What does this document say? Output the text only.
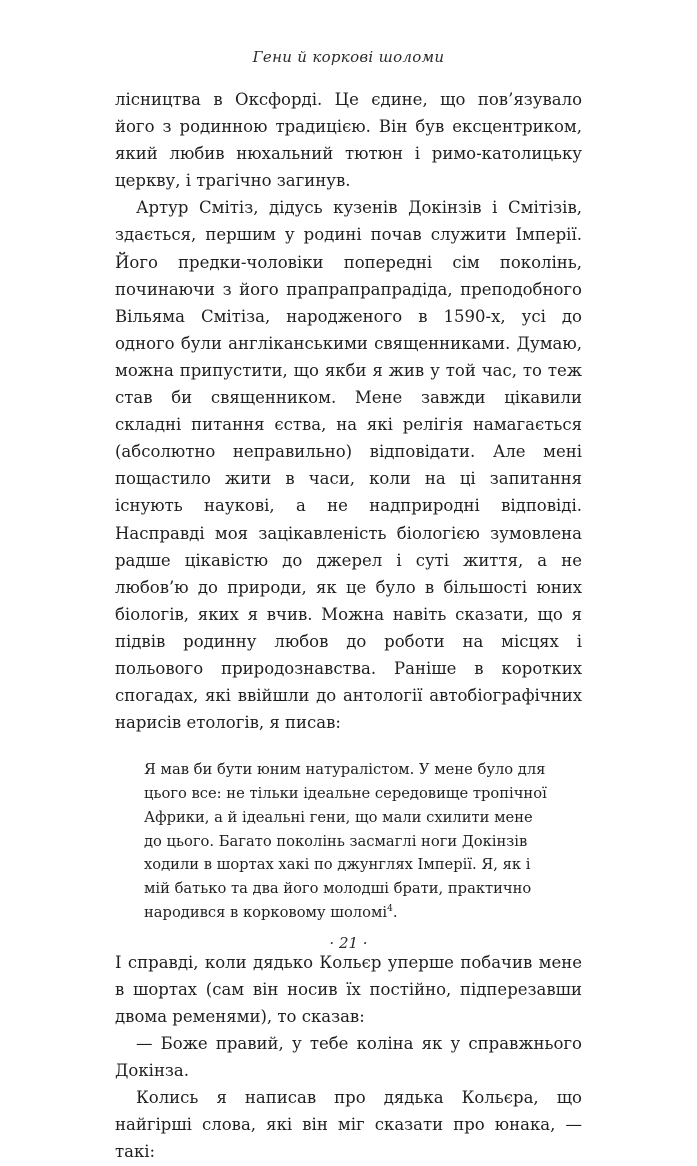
Гени й коркові шоломи

лісництва в Оксфорді. Це єдине, що пов’язувало його з родинною традицією. Він був ексцентриком, який любив нюхальний тютюн і римо-католицьку церкву, і трагічно загинув.

Артур Смітіз, дідусь кузенів Докінзів і Смітізів, здається, першим у родині почав служити Імперії. Його предки-чоловіки попередні сім поколінь, починаючи з його прапрапрапрадіда, преподобного Вільяма Смітіза, народженого в 1590-х, усі до одного були англіканськими священниками. Думаю, можна припустити, що якби я жив у той час, то теж став би священником. Мене завжди цікавили складні питання єства, на які релігія намагається (абсолютно неправильно) відповідати. Але мені пощастило жити в часи, коли на ці запитання існують наукові, а не надприродні відповіді. Насправді моя зацікавленість біологією зумовлена радше цікавістю до джерел і суті життя, а не любов’ю до природи, як це було в більшості юних біологів, яких я вчив. Можна навіть сказати, що я підвів родинну любов до роботи на місцях і польового природознавства. Раніше в коротких спогадах, які ввійшли до антології автобіографічних нарисів етологів, я писав:

Я мав би бути юним натуралістом. У мене було для цього все: не тільки ідеальне середовище тропічної Африки, а й ідеальні гени, що мали схилити мене до цього. Багато поколінь засмаглі ноги Докінзів ходили в шортах хакі по джунглях Імперії. Я, як і мій батько та два його молодші брати, практично народився в корковому шоломі$^4$.

І справді, коли дядько Кольєр уперше побачив мене в шортах (сам він носив їх постійно, підперезавши двома ременями), то сказав:

— Боже правий, у тебе коліна як у справжнього Докінза.

Колись я написав про дядька Кольєра, що найгірші слова, які він міг сказати про юнака, — такі:

· 21 ·
